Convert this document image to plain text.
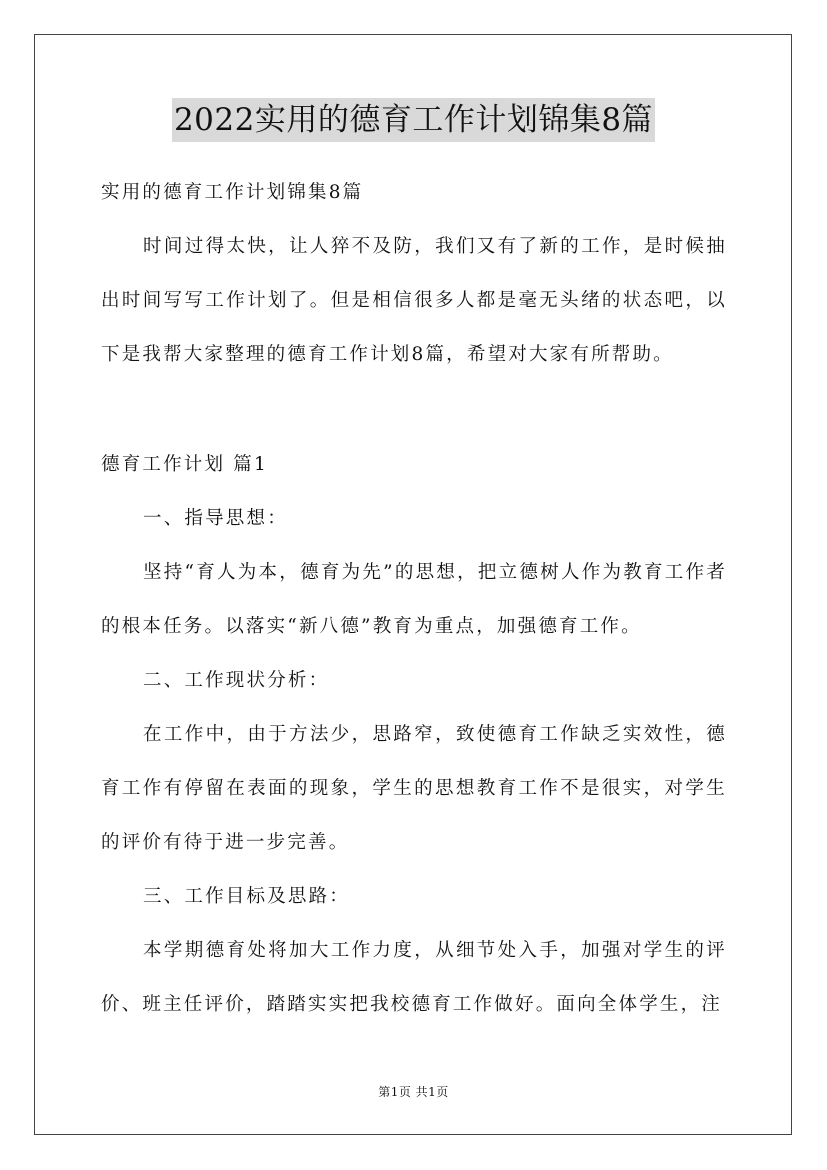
2022实用的德育工作计划锦集8篇

实用的德育工作计划锦集8篇

时间过得太快，让人猝不及防，我们又有了新的工作，是时候抽出时间写写工作计划了。但是相信很多人都是毫无头绪的状态吧，以下是我帮大家整理的德育工作计划8篇，希望对大家有所帮助。

德育工作计划 篇1

一、指导思想：

坚持“育人为本，德育为先”的思想，把立德树人作为教育工作者的根本任务。以落实“新八德”教育为重点，加强德育工作。

二、工作现状分析：

在工作中，由于方法少，思路窄，致使德育工作缺乏实效性，德育工作有停留在表面的现象，学生的思想教育工作不是很实，对学生的评价有待于进一步完善。

三、工作目标及思路：

本学期德育处将加大工作力度，从细节处入手，加强对学生的评价、班主任评价，踏踏实实把我校德育工作做好。面向全体学生，注

第1页 共1页
